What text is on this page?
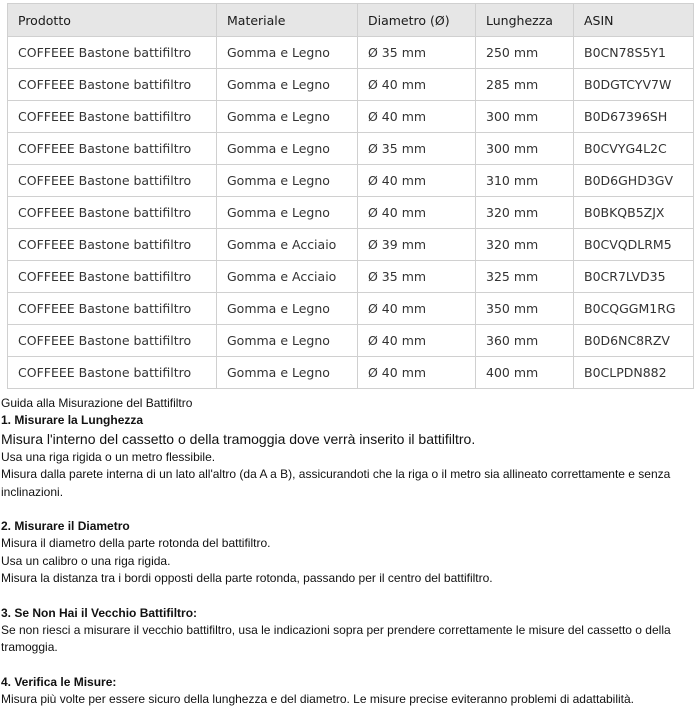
Prodotto	Materiale	Diametro (Ø)	Lunghezza	ASIN
COFFEEE Bastone battifiltro	Gomma e Legno	Ø 35 mm	250 mm	B0CN78S5Y1
COFFEEE Bastone battifiltro	Gomma e Legno	Ø 40 mm	285 mm	B0DGTCYV7W
COFFEEE Bastone battifiltro	Gomma e Legno	Ø 40 mm	300 mm	B0D67396SH
COFFEEE Bastone battifiltro	Gomma e Legno	Ø 35 mm	300 mm	B0CVYG4L2C
COFFEEE Bastone battifiltro	Gomma e Legno	Ø 40 mm	310 mm	B0D6GHD3GV
COFFEEE Bastone battifiltro	Gomma e Legno	Ø 40 mm	320 mm	B0BKQB5ZJX
COFFEEE Bastone battifiltro	Gomma e Acciaio	Ø 39 mm	320 mm	B0CVQDLRM5
COFFEEE Bastone battifiltro	Gomma e Acciaio	Ø 35 mm	325 mm	B0CR7LVD35
COFFEEE Bastone battifiltro	Gomma e Legno	Ø 40 mm	350 mm	B0CQGGM1RG
COFFEEE Bastone battifiltro	Gomma e Legno	Ø 40 mm	360 mm	B0D6NC8RZV
COFFEEE Bastone battifiltro	Gomma e Legno	Ø 40 mm	400 mm	B0CLPDN882

Guida alla Misurazione del Battifiltro

1. Misurare la Lunghezza

Misura l'interno del cassetto o della tramoggia dove verrà inserito il battifiltro.

Usa una riga rigida o un metro flessibile.

Misura dalla parete interna di un lato all'altro (da A a B), assicurandoti che la riga o il metro sia allineato correttamente e senza inclinazioni.

2. Misurare il Diametro

Misura il diametro della parte rotonda del battifiltro.

Usa un calibro o una riga rigida.

Misura la distanza tra i bordi opposti della parte rotonda, passando per il centro del battifiltro.

3. Se Non Hai il Vecchio Battifiltro:

Se non riesci a misurare il vecchio battifiltro, usa le indicazioni sopra per prendere correttamente le misure del cassetto o della tramoggia.

4. Verifica le Misure:

Misura più volte per essere sicuro della lunghezza e del diametro. Le misure precise eviteranno problemi di adattabilità.
